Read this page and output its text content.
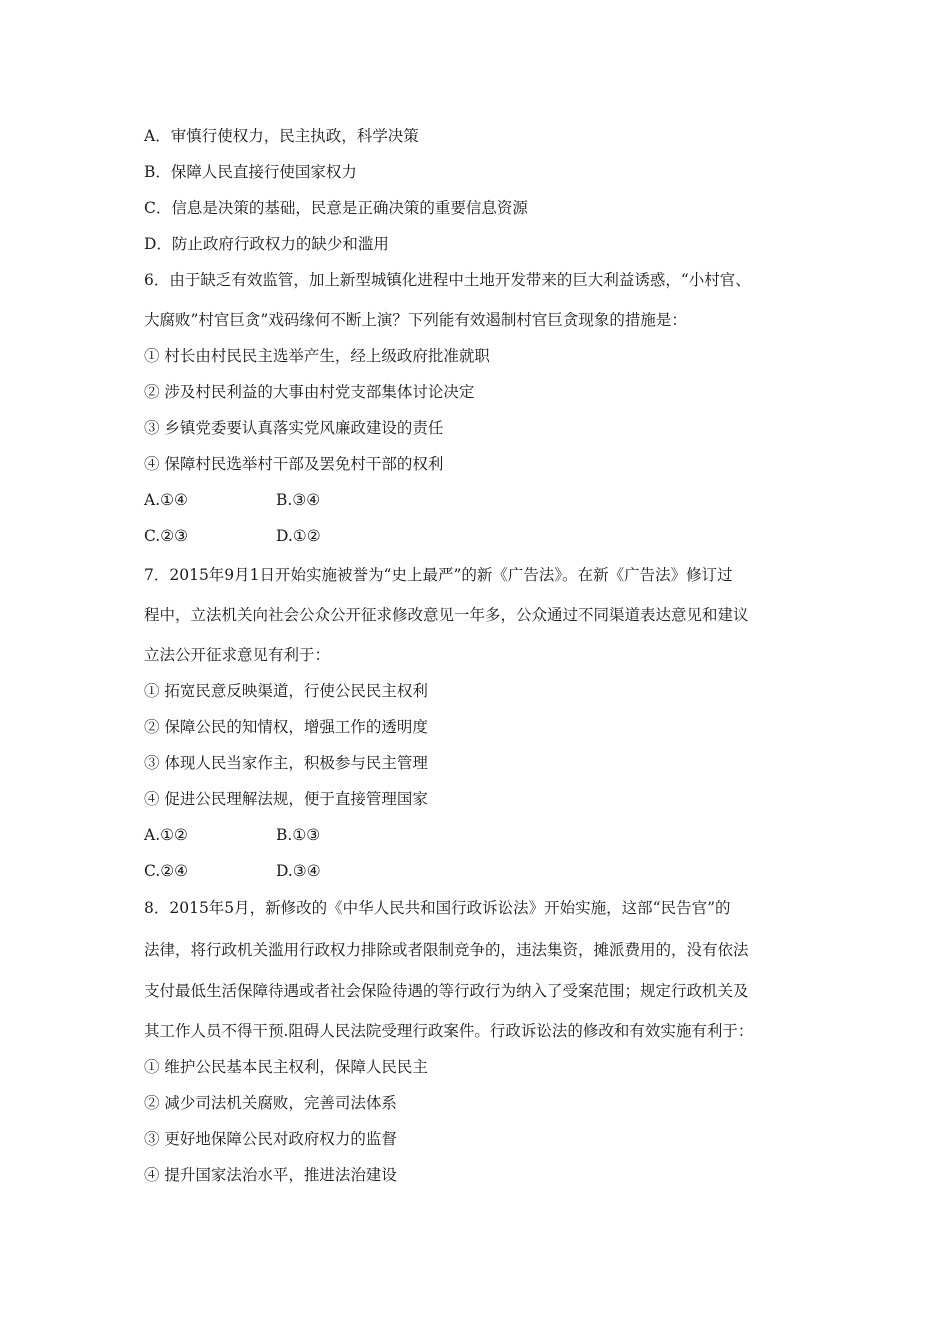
A．审慎行使权力，民主执政，科学决策
B．保障人民直接行使国家权力
C．信息是决策的基础，民意是正确决策的重要信息资源
D．防止政府行政权力的缺少和滥用
6．由于缺乏有效监管，加上新型城镇化进程中土地开发带来的巨大利益诱惑，“小村官、
大腐败”村官巨贪”戏码缘何不断上演？下列能有效遏制村官巨贪现象的措施是：
① 村长由村民民主选举产生，经上级政府批准就职
② 涉及村民利益的大事由村党支部集体讨论决定
③ 乡镇党委要认真落实党风廉政建设的责任
④ 保障村民选举村干部及罢免村干部的权利
A.①④	B.③④
C.②③	D.①②
7．2015年9月1日开始实施被誉为“史上最严”的新《广告法》。在新《广告法》修订过
程中，立法机关向社会公众公开征求修改意见一年多，公众通过不同渠道表达意见和建议
立法公开征求意见有利于：
① 拓宽民意反映渠道，行使公民民主权利
② 保障公民的知情权，增强工作的透明度
③ 体现人民当家作主，积极参与民主管理
④ 促进公民理解法规，便于直接管理国家
A.①②	B.①③
C.②④	D.③④
8．2015年5月，新修改的《中华人民共和国行政诉讼法》开始实施，这部“民告官”的
法律，将行政机关滥用行政权力排除或者限制竞争的，违法集资，摊派费用的，没有依法
支付最低生活保障待遇或者社会保险待遇的等行政行为纳入了受案范围；规定行政机关及
其工作人员不得干预.阻碍人民法院受理行政案件。行政诉讼法的修改和有效实施有利于：
① 维护公民基本民主权利，保障人民民主
② 减少司法机关腐败，完善司法体系
③ 更好地保障公民对政府权力的监督
④ 提升国家法治水平，推进法治建设
